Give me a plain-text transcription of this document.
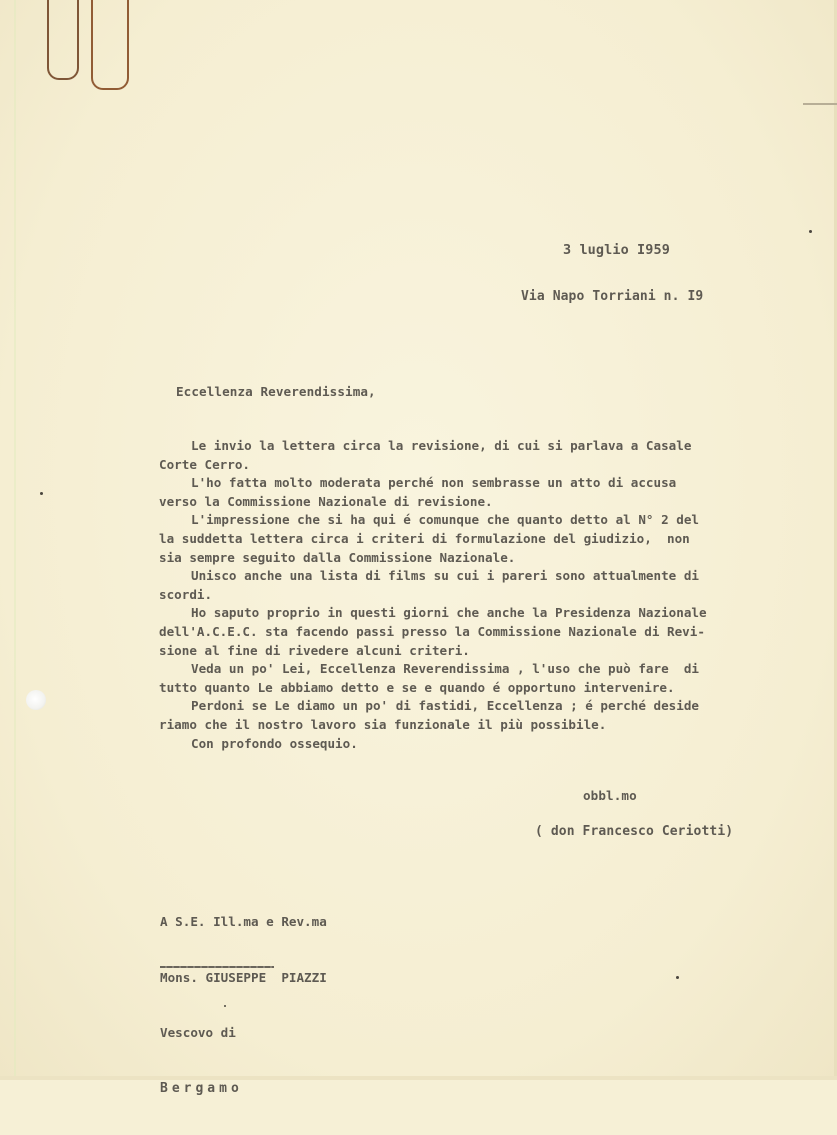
3 luglio I959
Via Napo Torriani n. I9
Eccellenza Reverendissima,
Le invio la lettera circa la revisione, di cui si parlava a Casale
Corte Cerro.
L'ho fatta molto moderata perché non sembrasse un atto di accusa
verso la Commissione Nazionale di revisione.
L'impressione che si ha qui é comunque che quanto detto al N° 2 del
la suddetta lettera circa i criteri di formulazione del giudizio,  non
sia sempre seguito dalla Commissione Nazionale.
Unisco anche una lista di films su cui i pareri sono attualmente di
scordi.
Ho saputo proprio in questi giorni che anche la Presidenza Nazionale
dell'A.C.E.C. sta facendo passi presso la Commissione Nazionale di Revi-
sione al fine di rivedere alcuni criteri.
Veda un po' Lei, Eccellenza Reverendissima , l'uso che può fare  di
tutto quanto Le abbiamo detto e se e quando é opportuno intervenire.
Perdoni se Le diamo un po' di fastidi, Eccellenza ; é perché deside
riamo che il nostro lavoro sia funzionale il più possibile.
Con profondo ossequio.
obbl.mo
( don Francesco Ceriotti)

A S.E. Ill.ma e Rev.ma

Mons. GIUSEPPE  PIAZZI

Vescovo di

Bergamo
